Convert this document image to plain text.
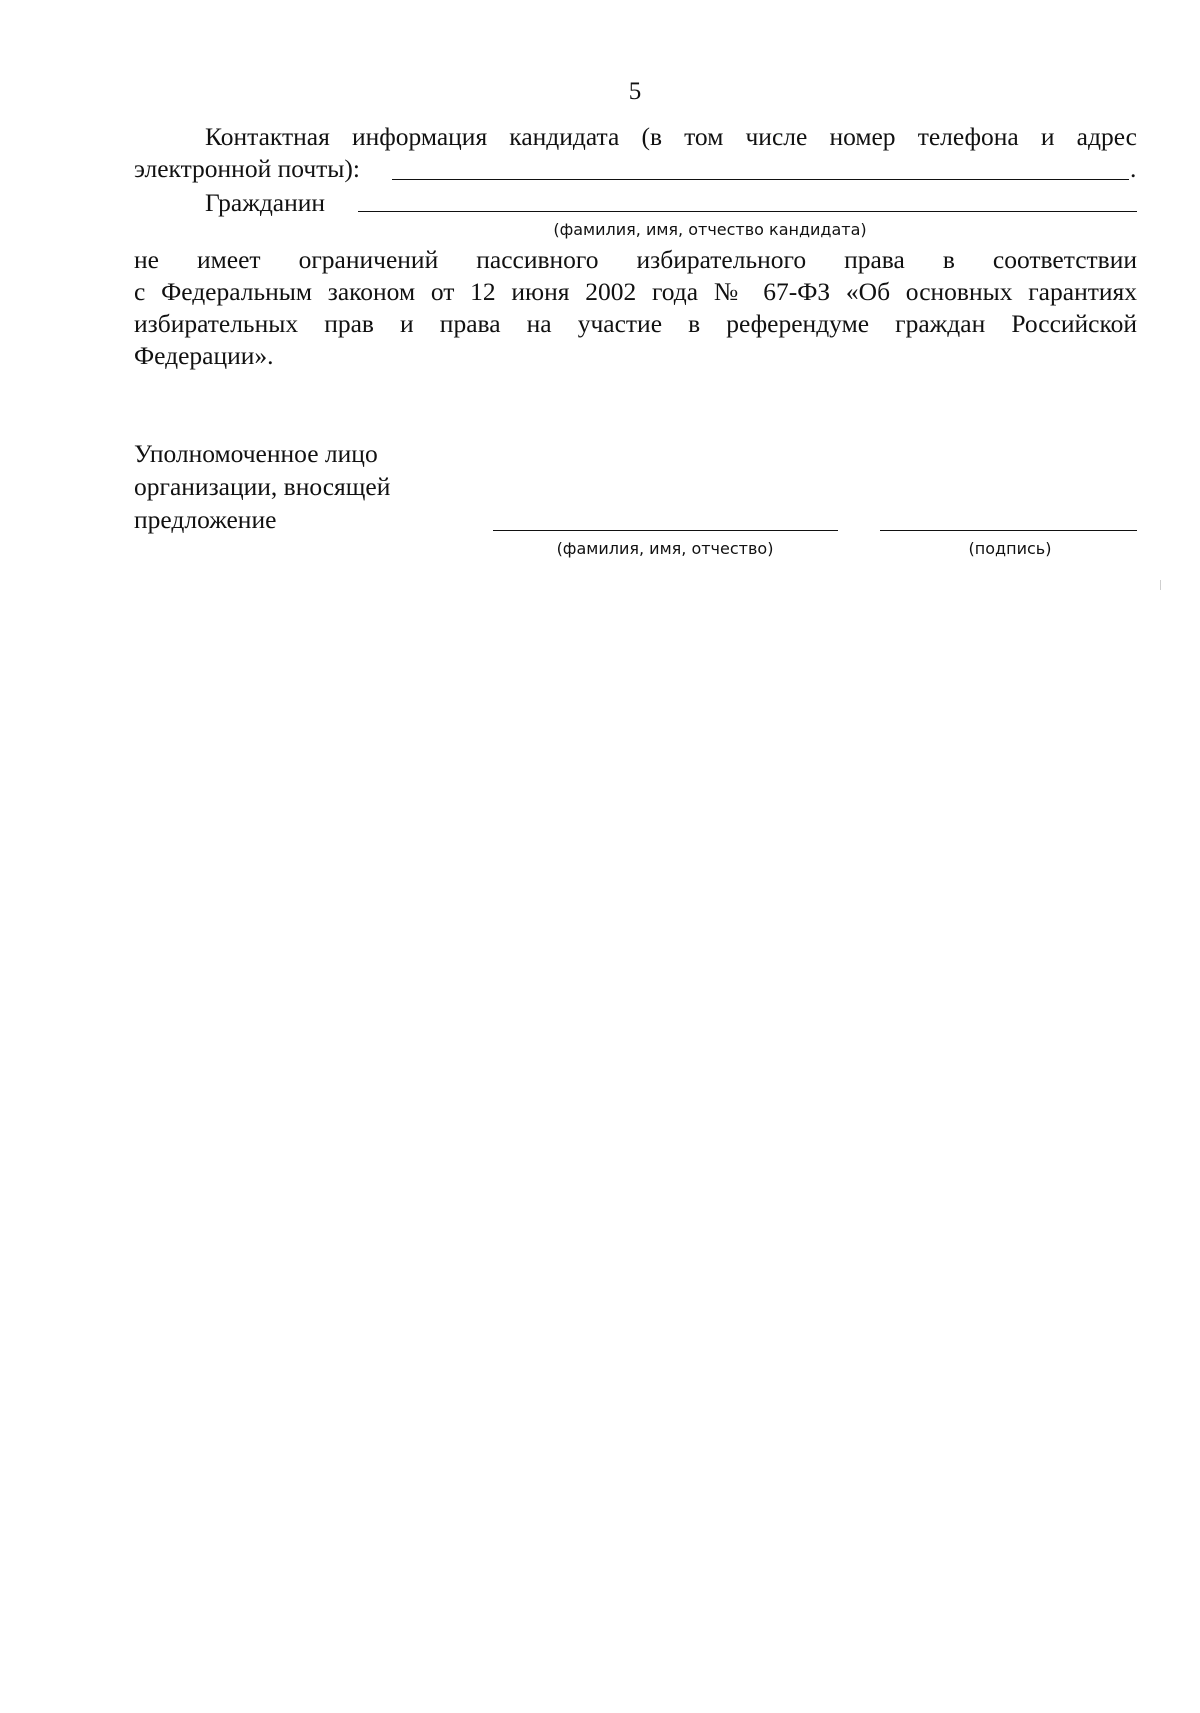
5
Контактная информация кандидата (в том числе номер телефона и адрес
электронной почты):	.
Гражданин
(фамилия, имя, отчество кандидата)
не имеет ограничений пассивного избирательного права в соответствии
с Федеральным законом от 12 июня 2002 года № 67-ФЗ «Об основных гарантиях
избирательных прав и права на участие в референдуме граждан Российской
Федерации».
Уполномоченное лицо
организации, вносящей
предложение
(фамилия, имя, отчество)	(подпись)
